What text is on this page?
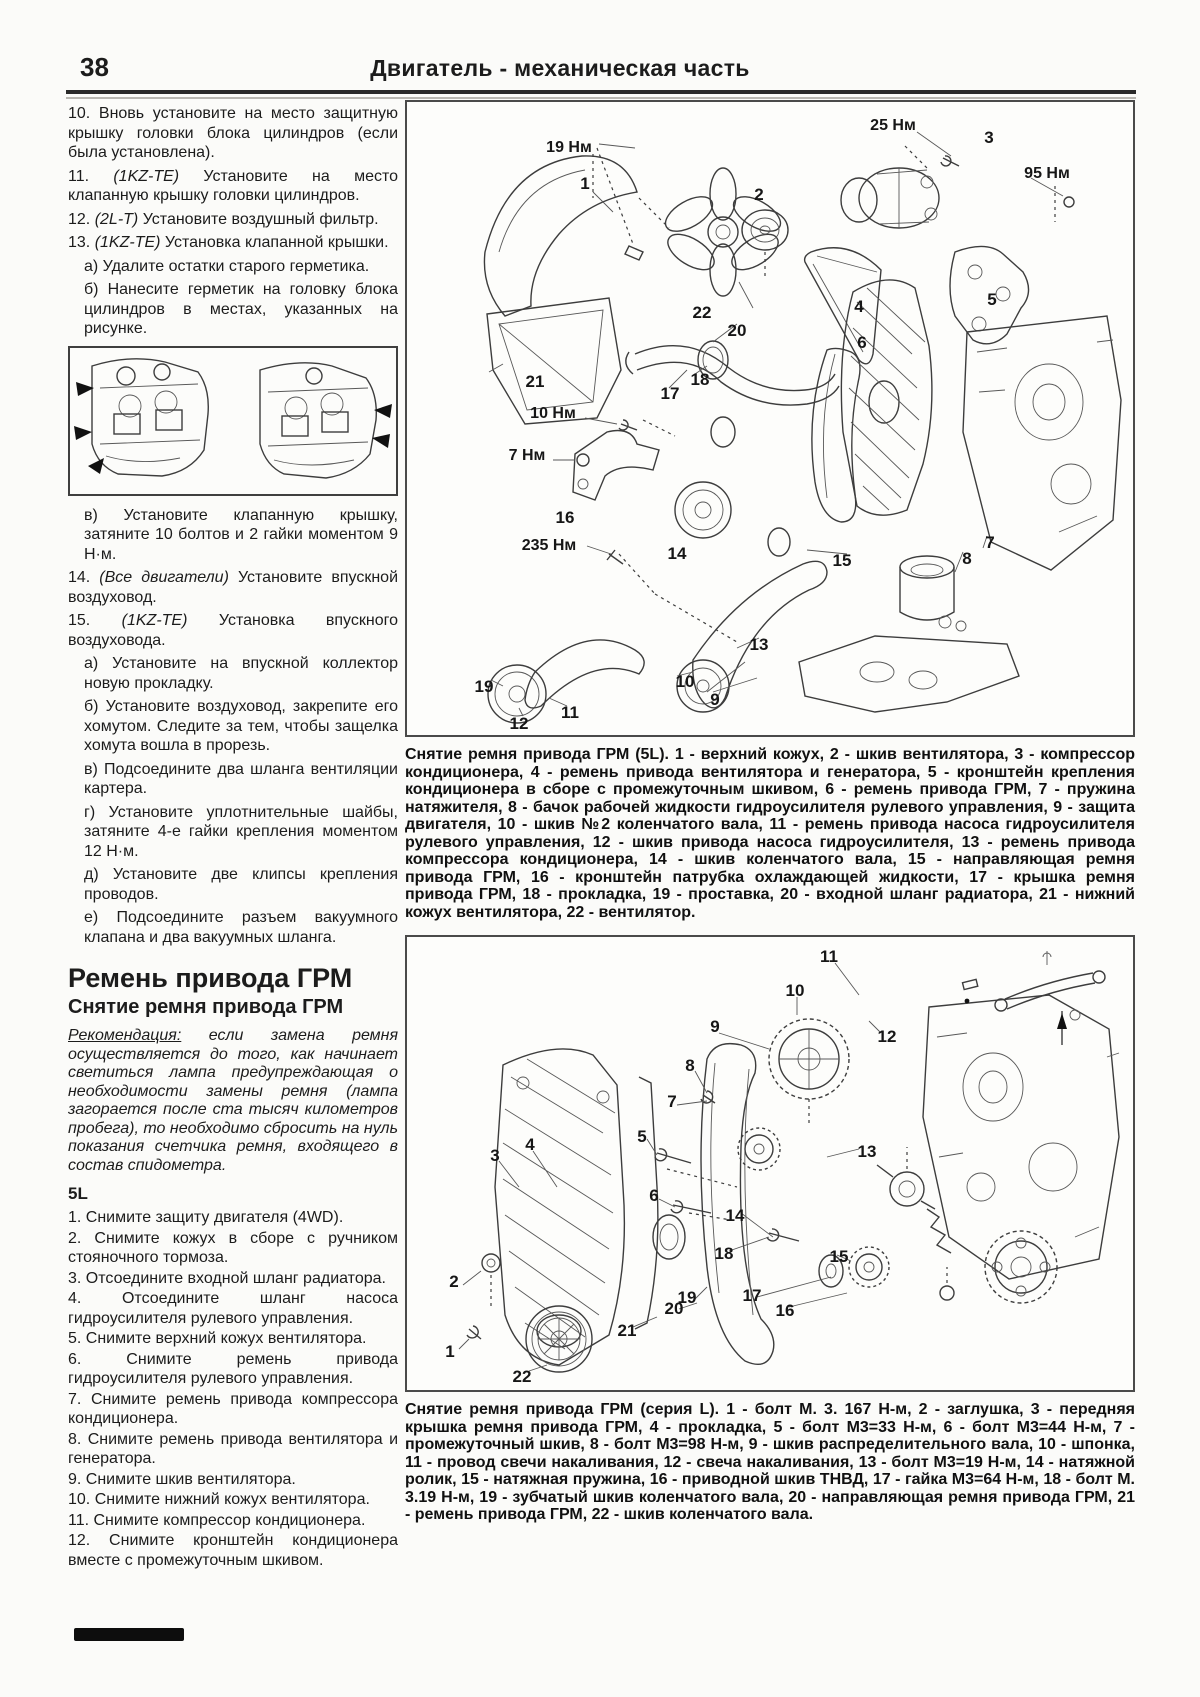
38	Двигатель - механическая часть

10. Вновь установите на место защитную крышку головки блока цилиндров (если была установлена).

11. (1KZ-TE) Установите на место клапанную крышку головки цилиндров.

12. (2L-T) Установите воздушный фильтр.

13. (1KZ-TE) Установка клапанной крышки.

а) Удалите остатки старого герметика.

б) Нанесите герметик на головку блока цилиндров в местах, указанных на рисунке.

в) Установите клапанную крышку, затяните 10 болтов и 2 гайки моментом 9 Н·м.

14. (Все двигатели) Установите впускной воздуховод.

15. (1KZ-TE) Установка впускного воздуховода.

а) Установите на впускной коллектор новую прокладку.

б) Установите воздуховод, закрепите его хомутом. Следите за тем, чтобы защелка хомута вошла в прорезь.

в) Подсоедините два шланга вентиляции картера.

г) Установите уплотнительные шайбы, затяните 4-е гайки крепления моментом 12 Н·м.

д) Установите две клипсы крепления проводов.

е) Подсоедините разъем вакуумного клапана и два вакуумных шланга.

Ремень привода ГРМ
Снятие ремня привода ГРМ

Рекомендация: если замена ремня осуществляется до того, как начинает светиться лампа предупреждающая о необходимости замены ремня (лампа загорается после ста тысяч километров пробега), то необходимо сбросить на нуль показания счетчика ремня, входящего в состав спидометра.

5L

1. Снимите защиту двигателя (4WD).

2. Снимите кожух в сборе с ручником стояночного тормоза.

3. Отсоедините входной шланг радиатора.

4. Отсоедините шланг насоса гидроусилителя рулевого управления.

5. Снимите верхний кожух вентилятора.

6. Снимите ремень привода гидроусилителя рулевого управления.

7. Снимите ремень привода компрессора кондиционера.

8. Снимите ремень привода вентилятора и генератора.

9. Снимите шкив вентилятора.

10. Снимите нижний кожух вентилятора.

11. Снимите компрессор кондиционера.

12. Снимите кронштейн кондиционера вместе с промежуточным шкивом.

1
2
3
4	5
6
7
8
9
10
11
12
13
14	15
16
17
18
19
20
21
22
19 Нм
25 Нм
95 Нм
10 Нм
7 Нм
235 Нм
Снятие ремня привода ГРМ (5L). 1 - верхний кожух, 2 - шкив вентилятора, 3 - компрессор кондиционера, 4 - ремень привода вентилятора и генератора, 5 - кронштейн крепления кондиционера в сборе с промежуточным шкивом, 6 - ремень привода ГРМ, 7 - пружина натяжителя, 8 - бачок рабочей жидкости гидроусилителя рулевого управления, 9 - защита двигателя, 10 - шкив №2 коленчатого вала, 11 - ремень привода насоса гидроусилителя рулевого управления, 12 - шкив привода насоса гидроусилителя, 13 - ремень привода компрессора кондиционера, 14 - шкив коленчатого вала, 15 - направляющая ремня привода ГРМ, 16 - кронштейн патрубка охлаждающей жидкости, 17 - крышка ремня привода ГРМ, 18 - прокладка, 19 - проставка, 20 - входной шланг радиатора, 21 - нижний кожух вентилятора, 22 - вентилятор.
1
2
3
4	5
6
7
8
9
10
11
12
13
14
15
16
17
18
19
20
21
22
Снятие ремня привода ГРМ (серия L). 1 - болт М. 3. 167 Н-м, 2 - заглушка, 3 - передняя крышка ремня привода ГРМ, 4 - прокладка, 5 - болт М3=33 Н-м, 6 - болт М3=44 Н-м, 7 - промежуточный шкив, 8 - болт М3=98 Н-м, 9 - шкив распределительного вала, 10 - шпонка, 11 - провод свечи накаливания, 12 - свеча накаливания, 13 - болт М3=19 Н-м, 14 - натяжной ролик, 15 - натяжная пружина, 16 - приводной шкив ТНВД, 17 - гайка М3=64 Н-м, 18 - болт М. 3.19 Н-м, 19 - зубчатый шкив коленчатого вала, 20 - направляющая ремня привода ГРМ, 21 - ремень привода ГРМ, 22 - шкив коленчатого вала.
